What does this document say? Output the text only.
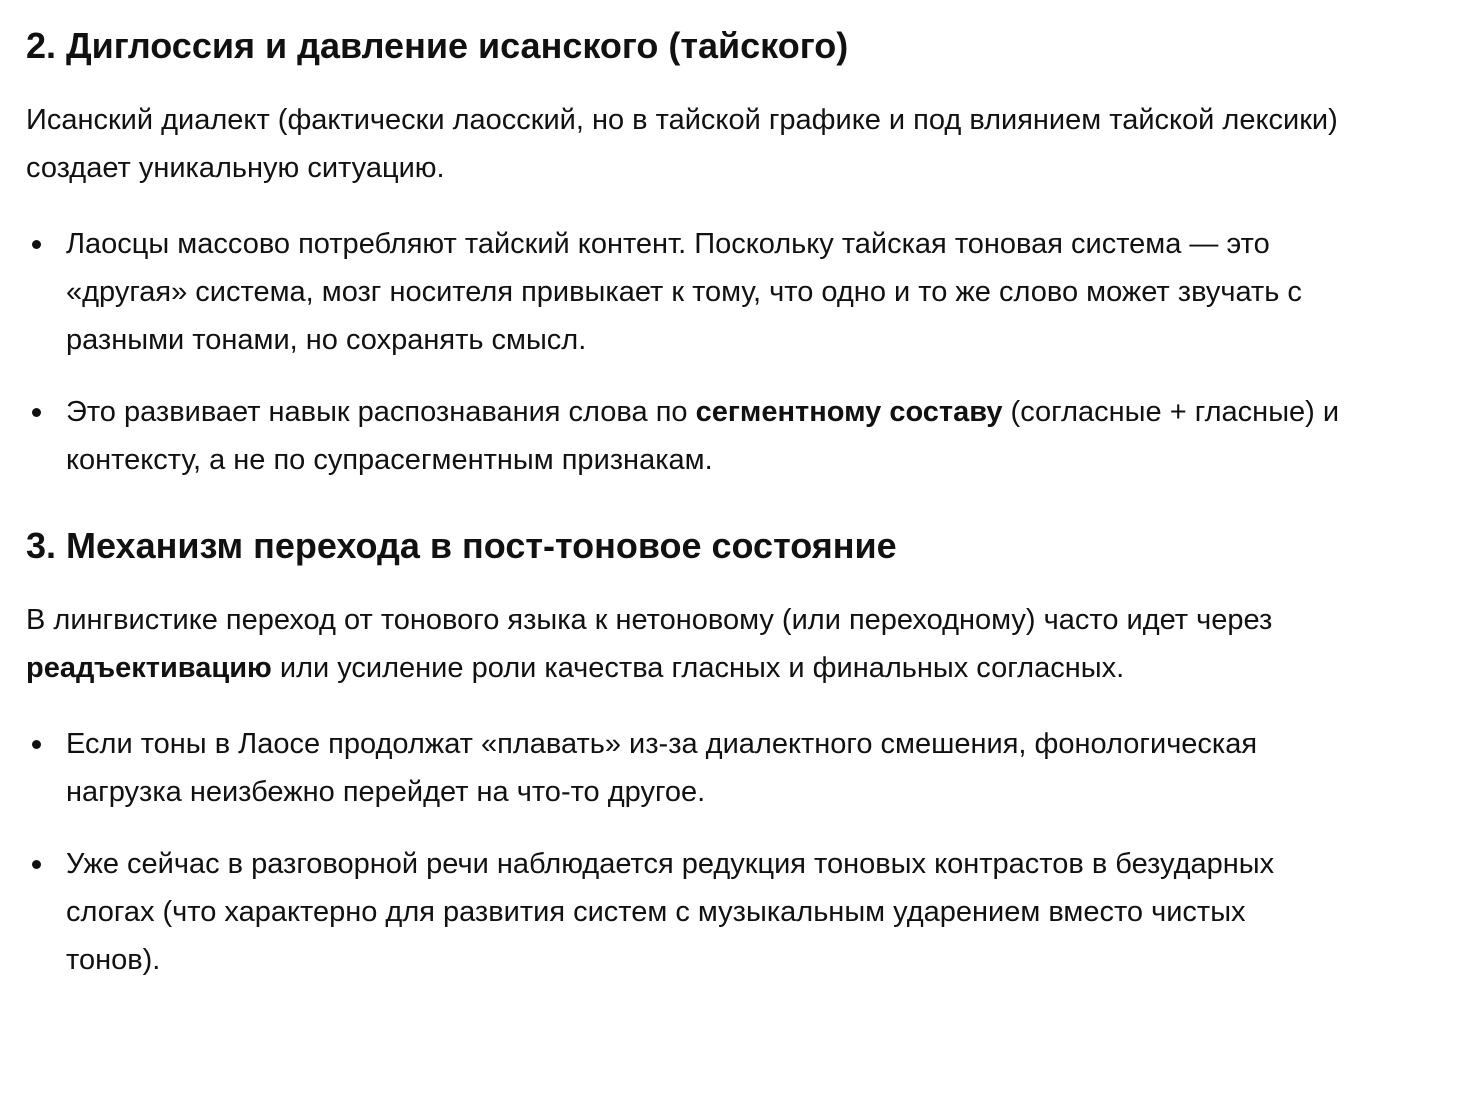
2. Диглоссия и давление исанского (тайского)

Исанский диалект (фактически лаосский, но в тайской графике и под влиянием тайской лексики) создает уникальную ситуацию.

Лаосцы массово потребляют тайский контент. Поскольку тайская тоновая система — это «другая» система, мозг носителя привыкает к тому, что одно и то же слово может звучать с разными тонами, но сохранять смысл.
Это развивает навык распознавания слова по сегментному составу (согласные + гласные) и контексту, а не по супрасегментным признакам.
3. Механизм перехода в пост-тоновое состояние

В лингвистике переход от тонового языка к нетоновому (или переходному) часто идет через реадъективацию или усиление роли качества гласных и финальных согласных.

Если тоны в Лаосе продолжат «плавать» из-за диалектного смешения, фонологическая нагрузка неизбежно перейдет на что-то другое.
Уже сейчас в разговорной речи наблюдается редукция тоновых контрастов в безударных слогах (что характерно для развития систем с музыкальным ударением вместо чистых тонов).
